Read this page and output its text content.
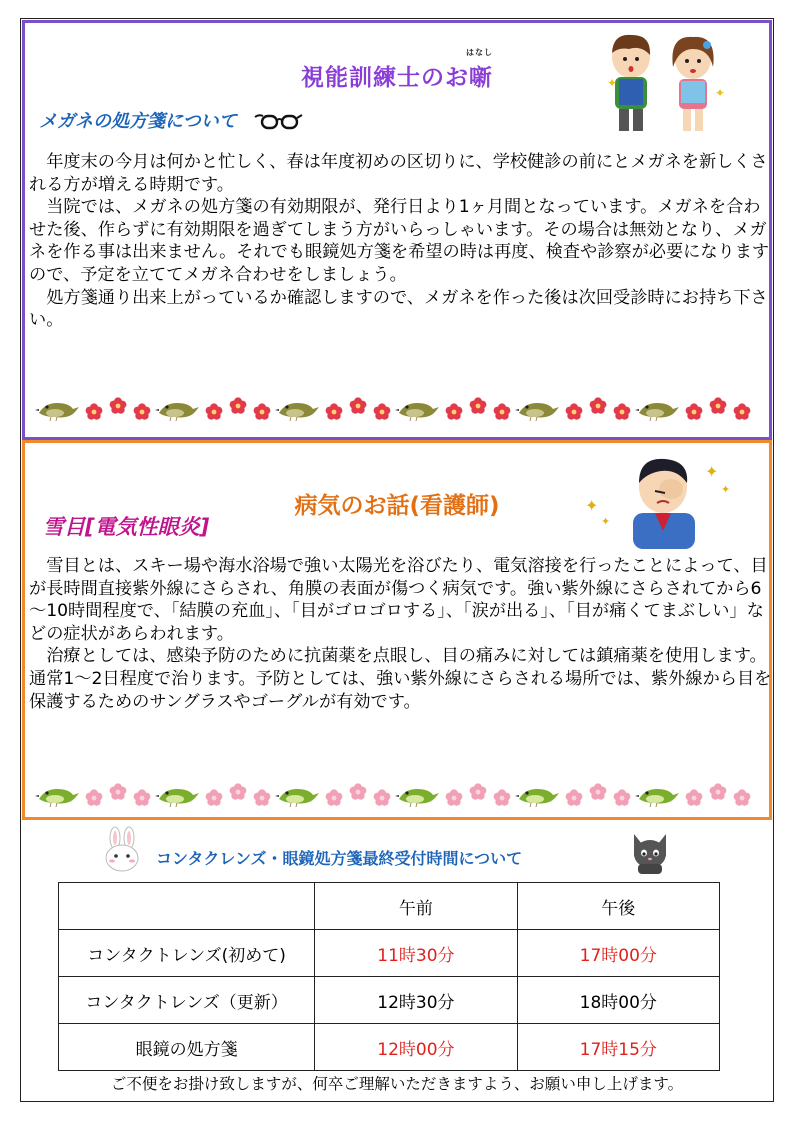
視能訓練士のお噺
はなし
メガネの処方箋について
✦
✦

年度末の今月は何かと忙しく、春は年度初めの区切りに、学校健診の前にとメガネを新しくされる方が増える時期です。

当院では、メガネの処方箋の有効期限が、発行日より1ヶ月間となっています。メガネを合わせた後、作らずに有効期限を過ぎてしまう方がいらっしゃいます。その場合は無効となり、メガネを作る事は出来ません。それでも眼鏡処方箋を希望の時は再度、検査や診察が必要になりますので、予定を立ててメガネ合わせをしましょう。

処方箋通り出来上がっているか確認しますので、メガネを作った後は次回受診時にお持ち下さい。

病気のお話(看護師)
雪目[電気性眼炎]
✦
✦
✦
✦

雪目とは、スキー場や海水浴場で強い太陽光を浴びたり、電気溶接を行ったことによって、目が長時間直接紫外線にさらされ、角膜の表面が傷つく病気です。強い紫外線にさらされてから6～10時間程度で、「結膜の充血」、「目がゴロゴロする」、「涙が出る」、「目が痛くてまぶしい」などの症状があらわれます。

治療としては、感染予防のために抗菌薬を点眼し、目の痛みに対しては鎮痛薬を使用します。通常1～2日程度で治ります。予防としては、強い紫外線にさらされる場所では、紫外線から目を保護するためのサングラスやゴーグルが有効です。

コンタクレンズ・眼鏡処方箋最終受付時間について
	午前	午後
コンタクトレンズ(初めて)	11時30分	17時00分
コンタクトレンズ（更新）	12時30分	18時00分
眼鏡の処方箋	12時00分	17時15分
ご不便をお掛け致しますが、何卒ご理解いただきますよう、お願い申し上げます。
